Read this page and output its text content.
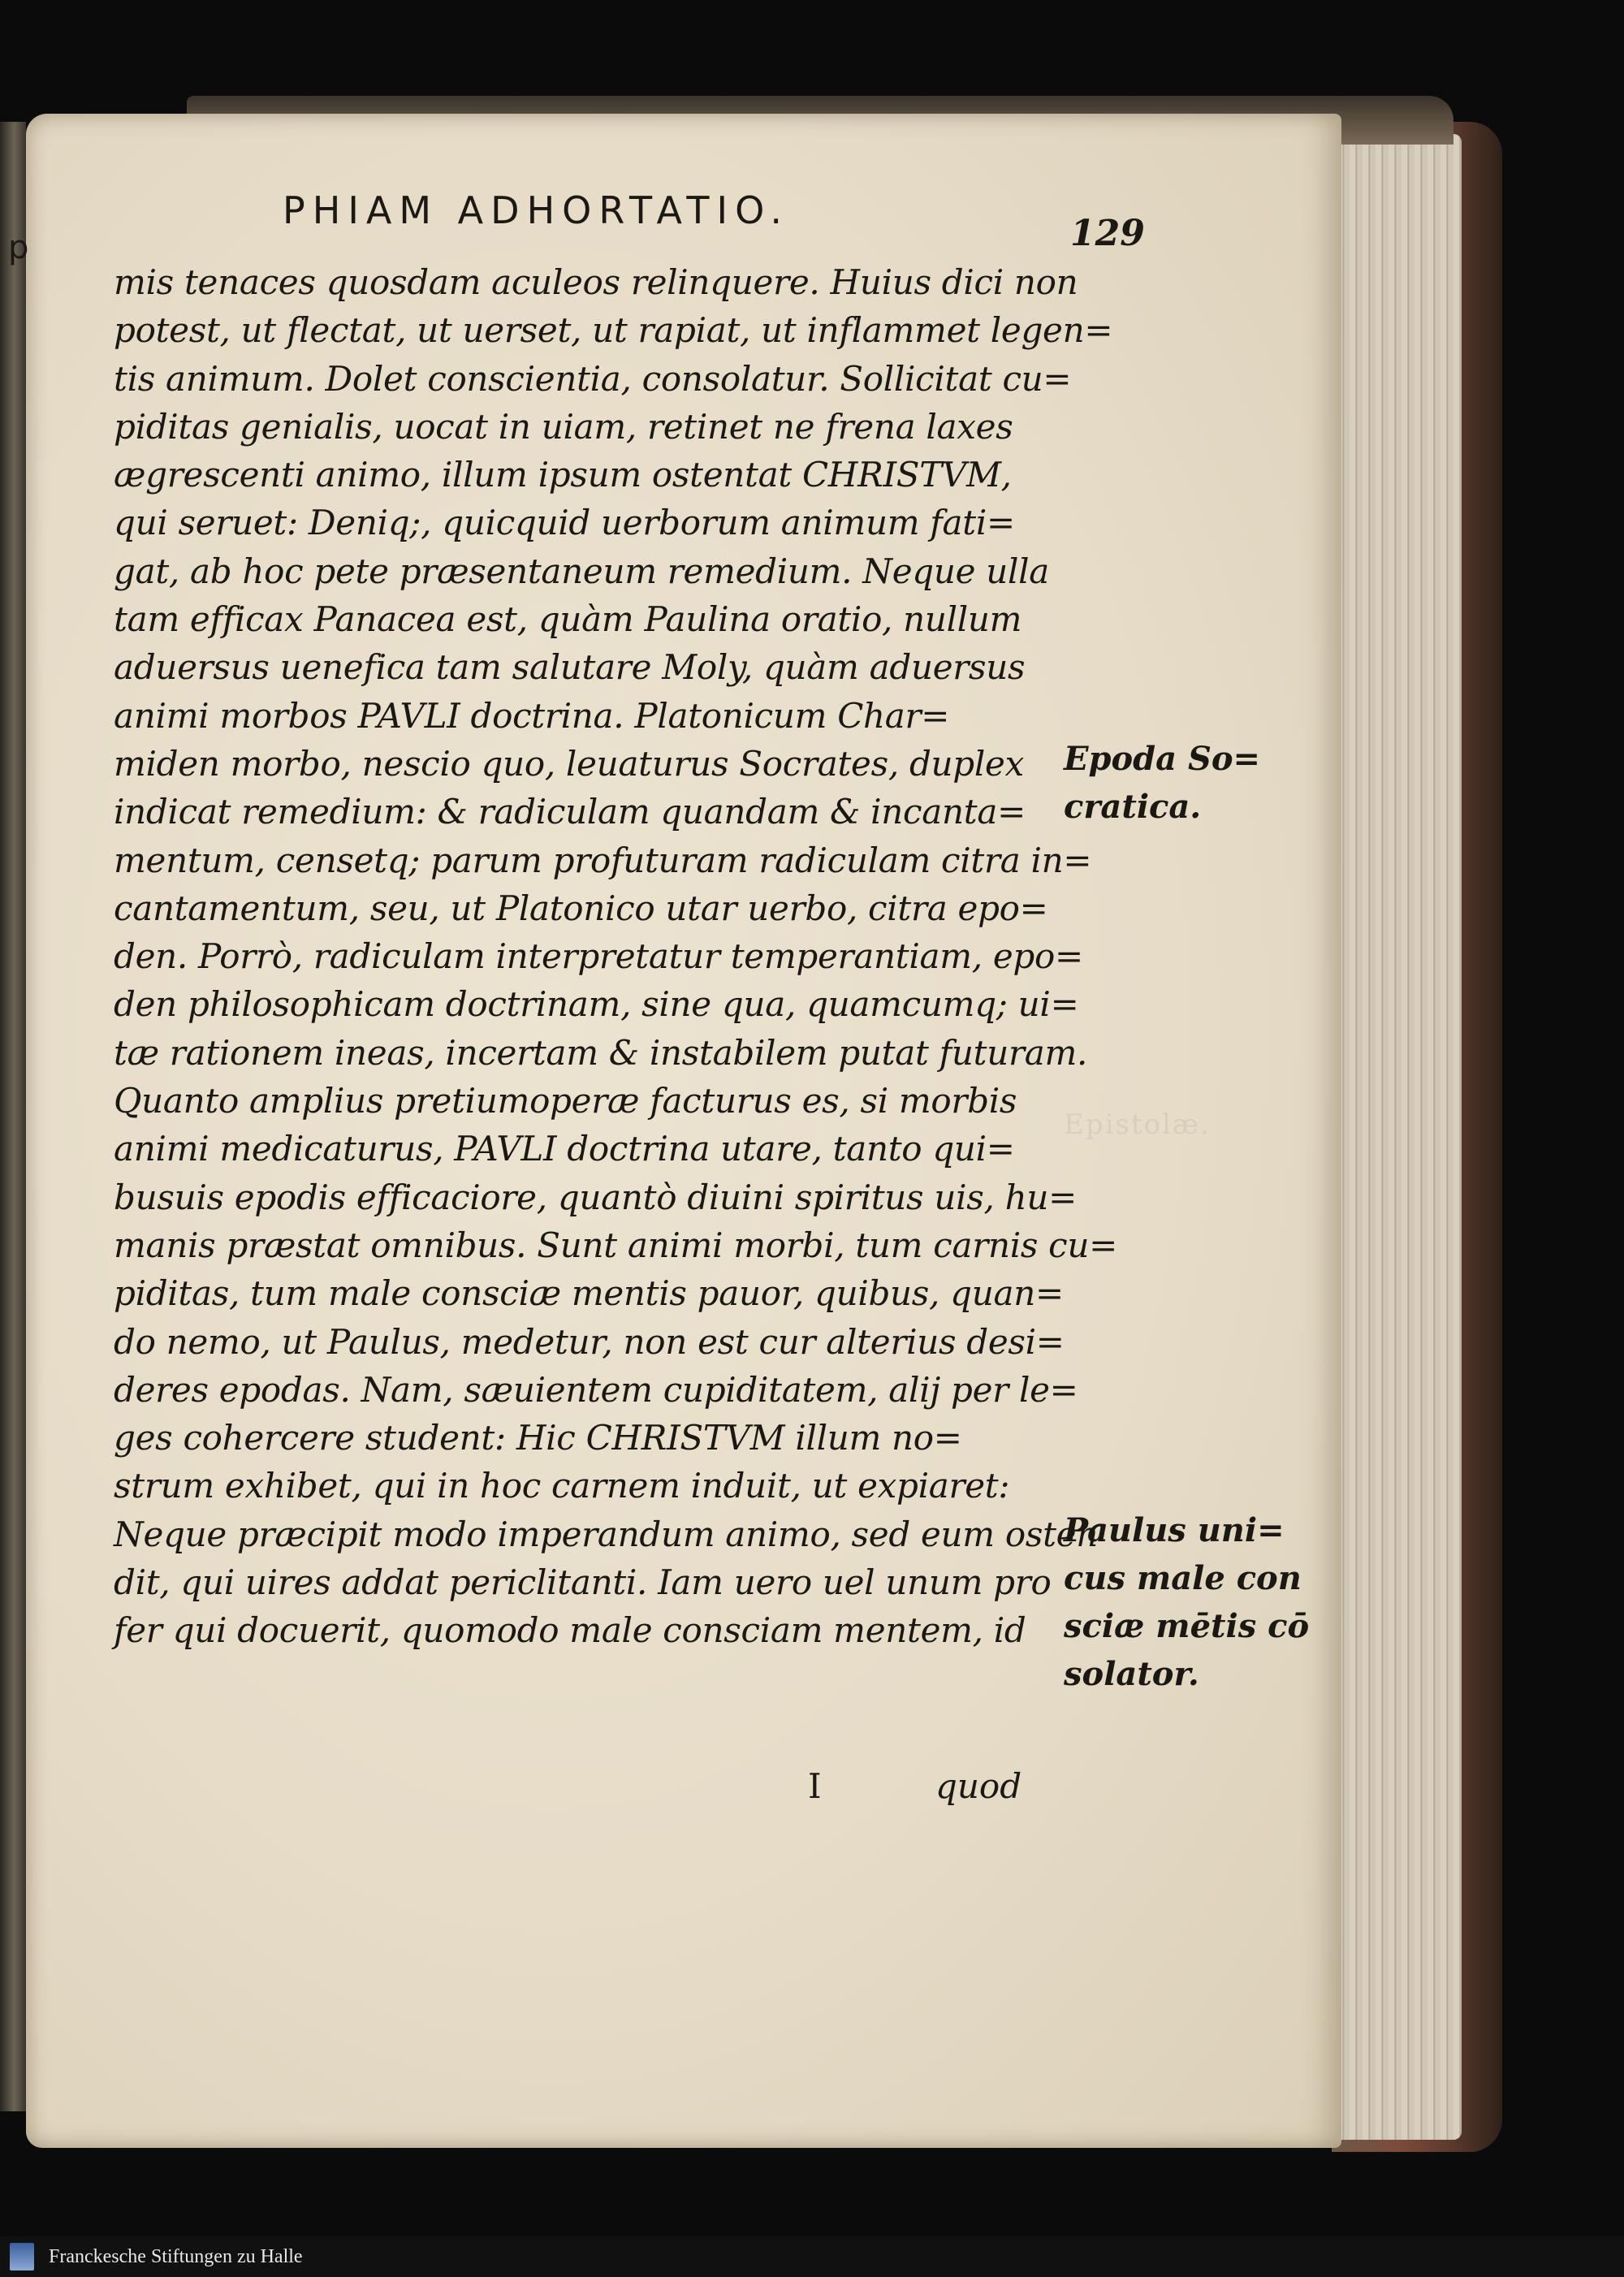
Epistolæ.
p
PHIAM ADHORTATIO.
129
mis tenaces quosdam aculeos relinquere. Huius dici non
potest, ut flectat, ut uerset, ut rapiat, ut inflammet legen=
tis animum. Dolet conscientia, consolatur. Sollicitat cu=
piditas genialis, uocat in uiam, retinet ne frena laxes
ægrescenti animo, illum ipsum ostentat CHRISTVM,
qui seruet: Deniq;, quicquid uerborum animum fati=
gat, ab hoc pete præsentaneum remedium. Neque ulla
tam efficax Panacea est, quàm Paulina oratio, nullum
aduersus uenefica tam salutare Moly, quàm aduersus
animi morbos PAVLI doctrina. Platonicum Char=
miden morbo, nescio quo, leuaturus Socrates, duplex
indicat remedium: & radiculam quandam & incanta=
mentum, censetq; parum profuturam radiculam citra in=
cantamentum, seu, ut Platonico utar uerbo, citra epo=
den. Porrò, radiculam interpretatur temperantiam, epo=
den philosophicam doctrinam, sine qua, quamcumq; ui=
tæ rationem ineas, incertam & instabilem putat futuram.
Quanto amplius pretiumoperæ facturus es, si morbis
animi medicaturus, PAVLI doctrina utare, tanto qui=
busuis epodis efficaciore, quantò diuini spiritus uis, hu=
manis præstat omnibus. Sunt animi morbi, tum carnis cu=
piditas, tum male consciæ mentis pauor, quibus, quan=
do nemo, ut Paulus, medetur, non est cur alterius desi=
deres epodas. Nam, sæuientem cupiditatem, alij per le=
ges cohercere student: Hic CHRISTVM illum no=
strum exhibet, qui in hoc carnem induit, ut expiaret:
Neque præcipit modo imperandum animo, sed eum osten
dit, qui uires addat periclitanti. Iam uero uel unum pro
fer qui docuerit, quomodo male consciam mentem, id
Epoda So=
cratica.
Paulus uni=
cus male con
sciæ mētis cō
solator.
I	quod
Franckesche Stiftungen zu Halle
